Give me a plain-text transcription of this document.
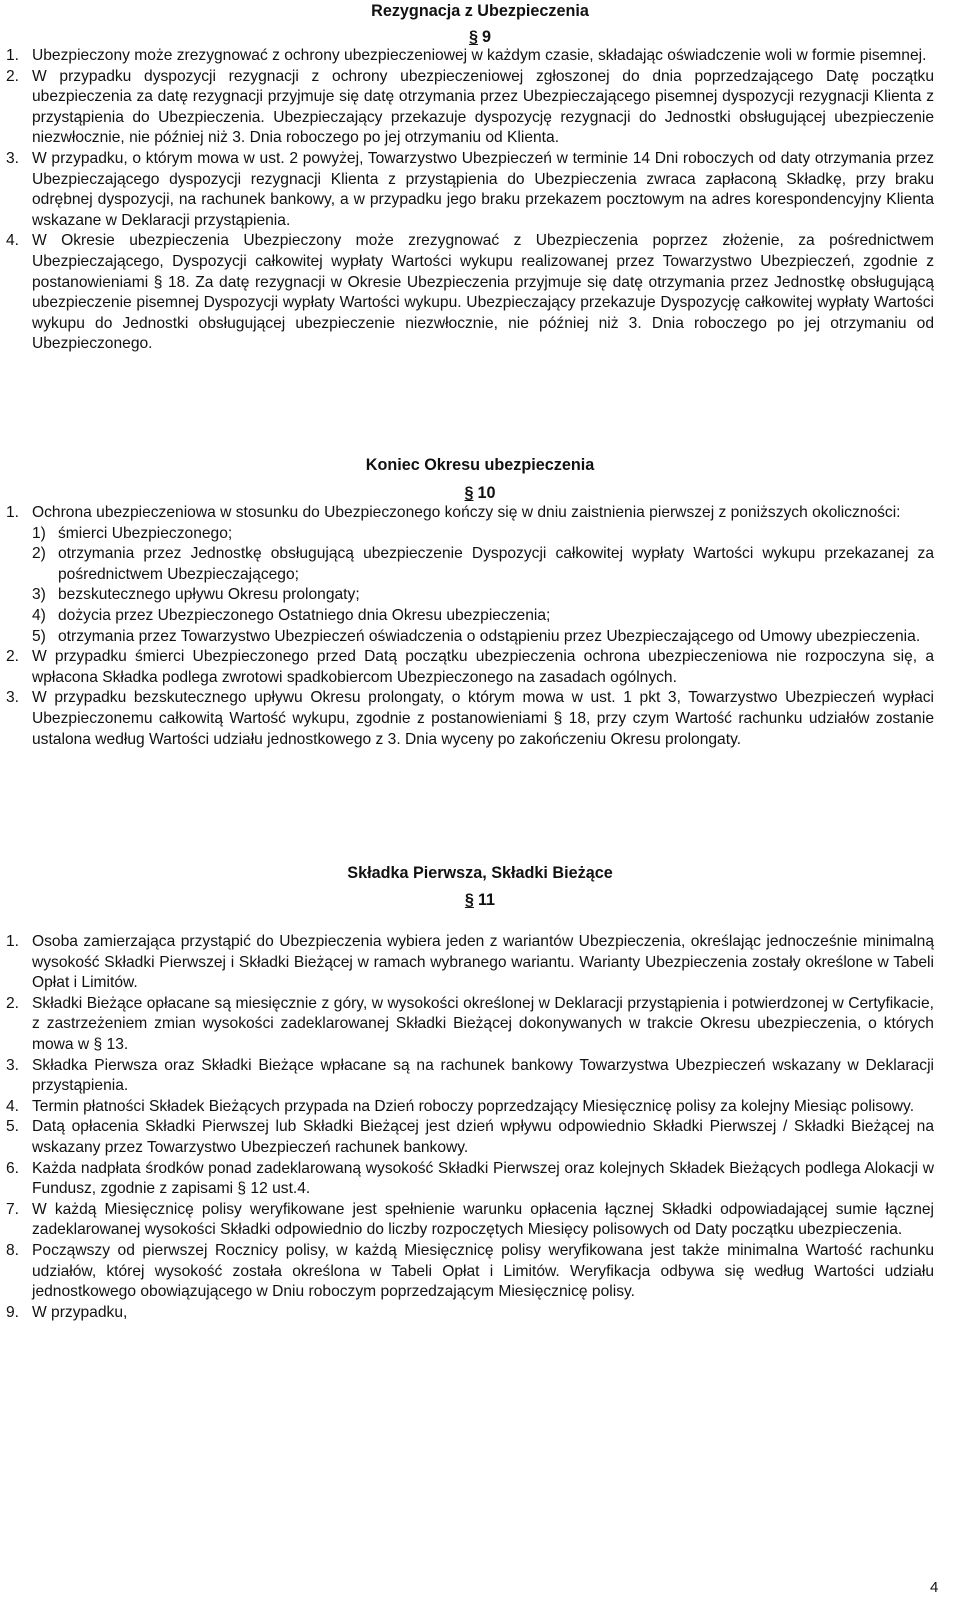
Rezygnacja z Ubezpieczenia
§ 9
1. Ubezpieczony może zrezygnować z ochrony ubezpieczeniowej w każdym czasie, składając oświadczenie woli w formie pisemnej.
2. W przypadku dyspozycji rezygnacji z ochrony ubezpieczeniowej zgłoszonej do dnia poprzedzającego Datę początku ubezpieczenia za datę rezygnacji przyjmuje się datę otrzymania przez Ubezpieczającego pisemnej dyspozycji rezygnacji Klienta z przystąpienia do Ubezpieczenia. Ubezpieczający przekazuje dyspozycję rezygnacji do Jednostki obsługującej ubezpieczenie niezwłocznie, nie później niż 3. Dnia roboczego po jej otrzymaniu od Klienta.
3. W przypadku, o którym mowa w ust. 2 powyżej, Towarzystwo Ubezpieczeń w terminie 14 Dni roboczych od daty otrzymania przez Ubezpieczającego dyspozycji rezygnacji Klienta z przystąpienia do Ubezpieczenia zwraca zapłaconą Składkę, przy braku odrębnej dyspozycji, na rachunek bankowy, a w przypadku jego braku przekazem pocztowym na adres korespondencyjny Klienta wskazane w Deklaracji przystąpienia.
4. W Okresie ubezpieczenia Ubezpieczony może zrezygnować z Ubezpieczenia poprzez złożenie, za pośrednictwem Ubezpieczającego, Dyspozycji całkowitej wypłaty Wartości wykupu realizowanej przez Towarzystwo Ubezpieczeń, zgodnie z postanowieniami § 18. Za datę rezygnacji w Okresie Ubezpieczenia przyjmuje się datę otrzymania przez Jednostkę obsługującą ubezpieczenie pisemnej Dyspozycji wypłaty Wartości wykupu. Ubezpieczający przekazuje Dyspozycję całkowitej wypłaty Wartości wykupu do Jednostki obsługującej ubezpieczenie niezwłocznie, nie później niż 3. Dnia roboczego po jej otrzymaniu od Ubezpieczonego.
Koniec Okresu ubezpieczenia
§ 10
1. Ochrona ubezpieczeniowa w stosunku do Ubezpieczonego kończy się w dniu zaistnienia pierwszej z poniższych okoliczności:
1) śmierci Ubezpieczonego;
2) otrzymania przez Jednostkę obsługującą ubezpieczenie Dyspozycji całkowitej wypłaty Wartości wykupu przekazanej za pośrednictwem Ubezpieczającego;
3) bezskutecznego upływu Okresu prolongaty;
4) dożycia przez Ubezpieczonego Ostatniego dnia Okresu ubezpieczenia;
5) otrzymania przez Towarzystwo Ubezpieczeń oświadczenia o odstąpieniu przez Ubezpieczającego od Umowy ubezpieczenia.
2. W przypadku śmierci Ubezpieczonego przed Datą początku ubezpieczenia ochrona ubezpieczeniowa nie rozpoczyna się, a wpłacona Składka podlega zwrotowi spadkobiercom Ubezpieczonego na zasadach ogólnych.
3. W przypadku bezskutecznego upływu Okresu prolongaty, o którym mowa w ust. 1 pkt 3, Towarzystwo Ubezpieczeń wypłaci Ubezpieczonemu całkowitą Wartość wykupu, zgodnie z postanowieniami § 18, przy czym Wartość rachunku udziałów zostanie ustalona według Wartości udziału jednostkowego z 3. Dnia wyceny po zakończeniu Okresu prolongaty.
Składka Pierwsza, Składki Bieżące
§ 11
1. Osoba zamierzająca przystąpić do Ubezpieczenia wybiera jeden z wariantów Ubezpieczenia, określając jednocześnie minimalną wysokość Składki Pierwszej i Składki Bieżącej w ramach wybranego wariantu. Warianty Ubezpieczenia zostały określone w Tabeli Opłat i Limitów.
2. Składki Bieżące opłacane są miesięcznie z góry, w wysokości określonej w Deklaracji przystąpienia i potwierdzonej w Certyfikacie, z zastrzeżeniem zmian wysokości zadeklarowanej Składki Bieżącej dokonywanych w trakcie Okresu ubezpieczenia, o których mowa w § 13.
3. Składka Pierwsza oraz Składki Bieżące wpłacane są na rachunek bankowy Towarzystwa Ubezpieczeń wskazany w Deklaracji przystąpienia.
4. Termin płatności Składek Bieżących przypada na Dzień roboczy poprzedzający Miesięcznicę polisy za kolejny Miesiąc polisowy.
5. Datą opłacenia Składki Pierwszej lub Składki Bieżącej jest dzień wpływu odpowiednio Składki Pierwszej / Składki Bieżącej na wskazany przez Towarzystwo Ubezpieczeń rachunek bankowy.
6. Każda nadpłata środków ponad zadeklarowaną wysokość Składki Pierwszej oraz kolejnych Składek Bieżących podlega Alokacji w Fundusz, zgodnie z zapisami § 12 ust.4.
7. W każdą Miesięcznicę polisy weryfikowane jest spełnienie warunku opłacenia łącznej Składki odpowiadającej sumie łącznej zadeklarowanej wysokości Składki odpowiednio do liczby rozpoczętych Miesięcy polisowych od Daty początku ubezpieczenia.
8. Począwszy od pierwszej Rocznicy polisy, w każdą Miesięcznicę polisy weryfikowana jest także minimalna Wartość rachunku udziałów, której wysokość została określona w Tabeli Opłat i Limitów. Weryfikacja odbywa się według Wartości udziału jednostkowego obowiązującego w Dniu roboczym poprzedzającym Miesięcznicę polisy.
9. W przypadku,
4
